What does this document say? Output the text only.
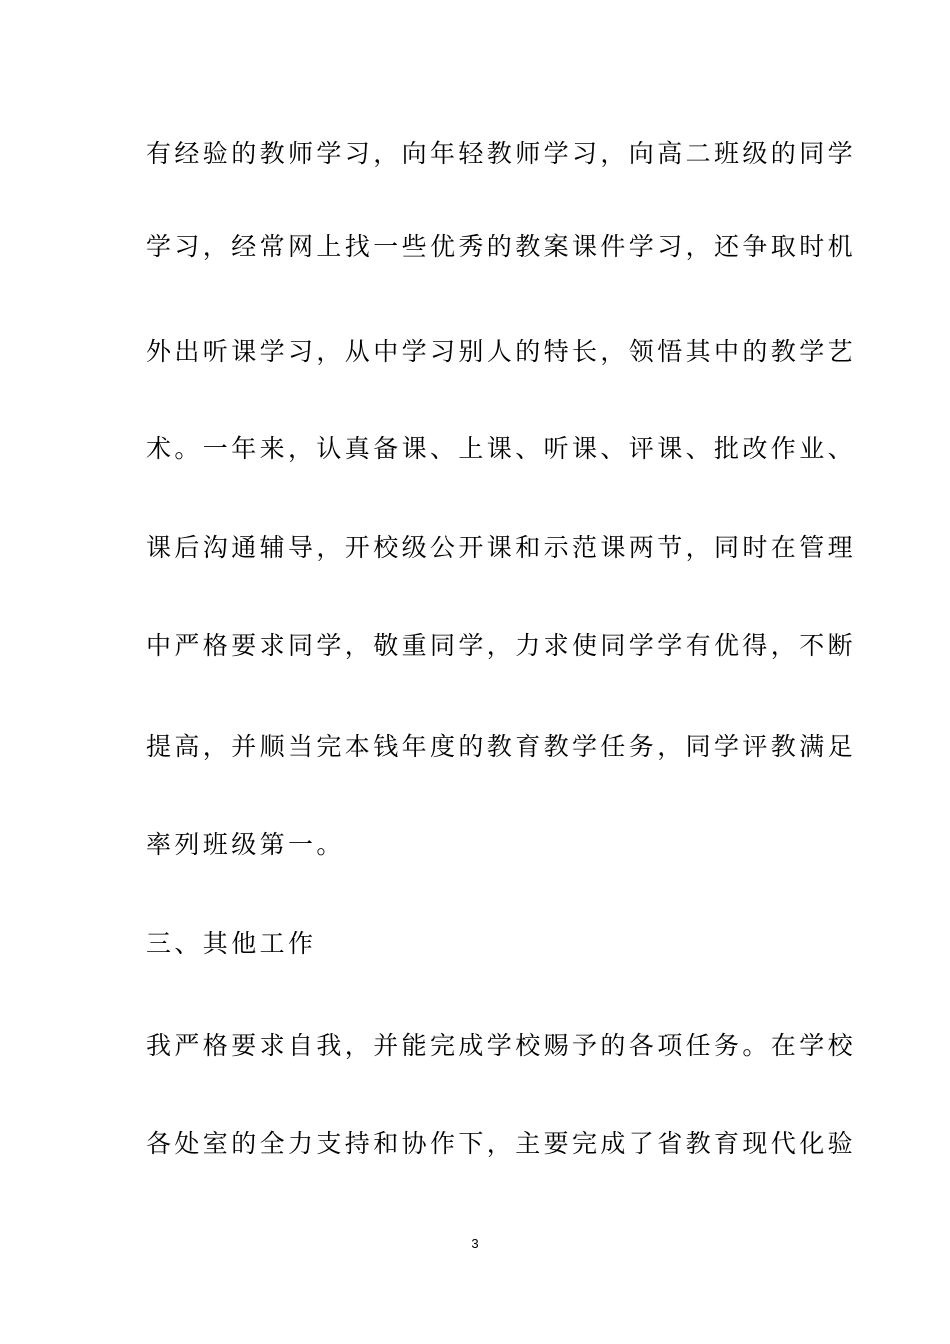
有经验的教师学习，向年轻教师学习，向高二班级的同学
学习，经常网上找一些优秀的教案课件学习，还争取时机
外出听课学习，从中学习别人的特长，领悟其中的教学艺
术。一年来，认真备课、上课、听课、评课、批改作业、
课后沟通辅导，开校级公开课和示范课两节，同时在管理
中严格要求同学，敬重同学，力求使同学学有优得，不断
提高，并顺当完本钱年度的教育教学任务，同学评教满足
率列班级第一。
三、其他工作
我严格要求自我，并能完成学校赐予的各项任务。在学校
各处室的全力支持和协作下，主要完成了省教育现代化验
3
